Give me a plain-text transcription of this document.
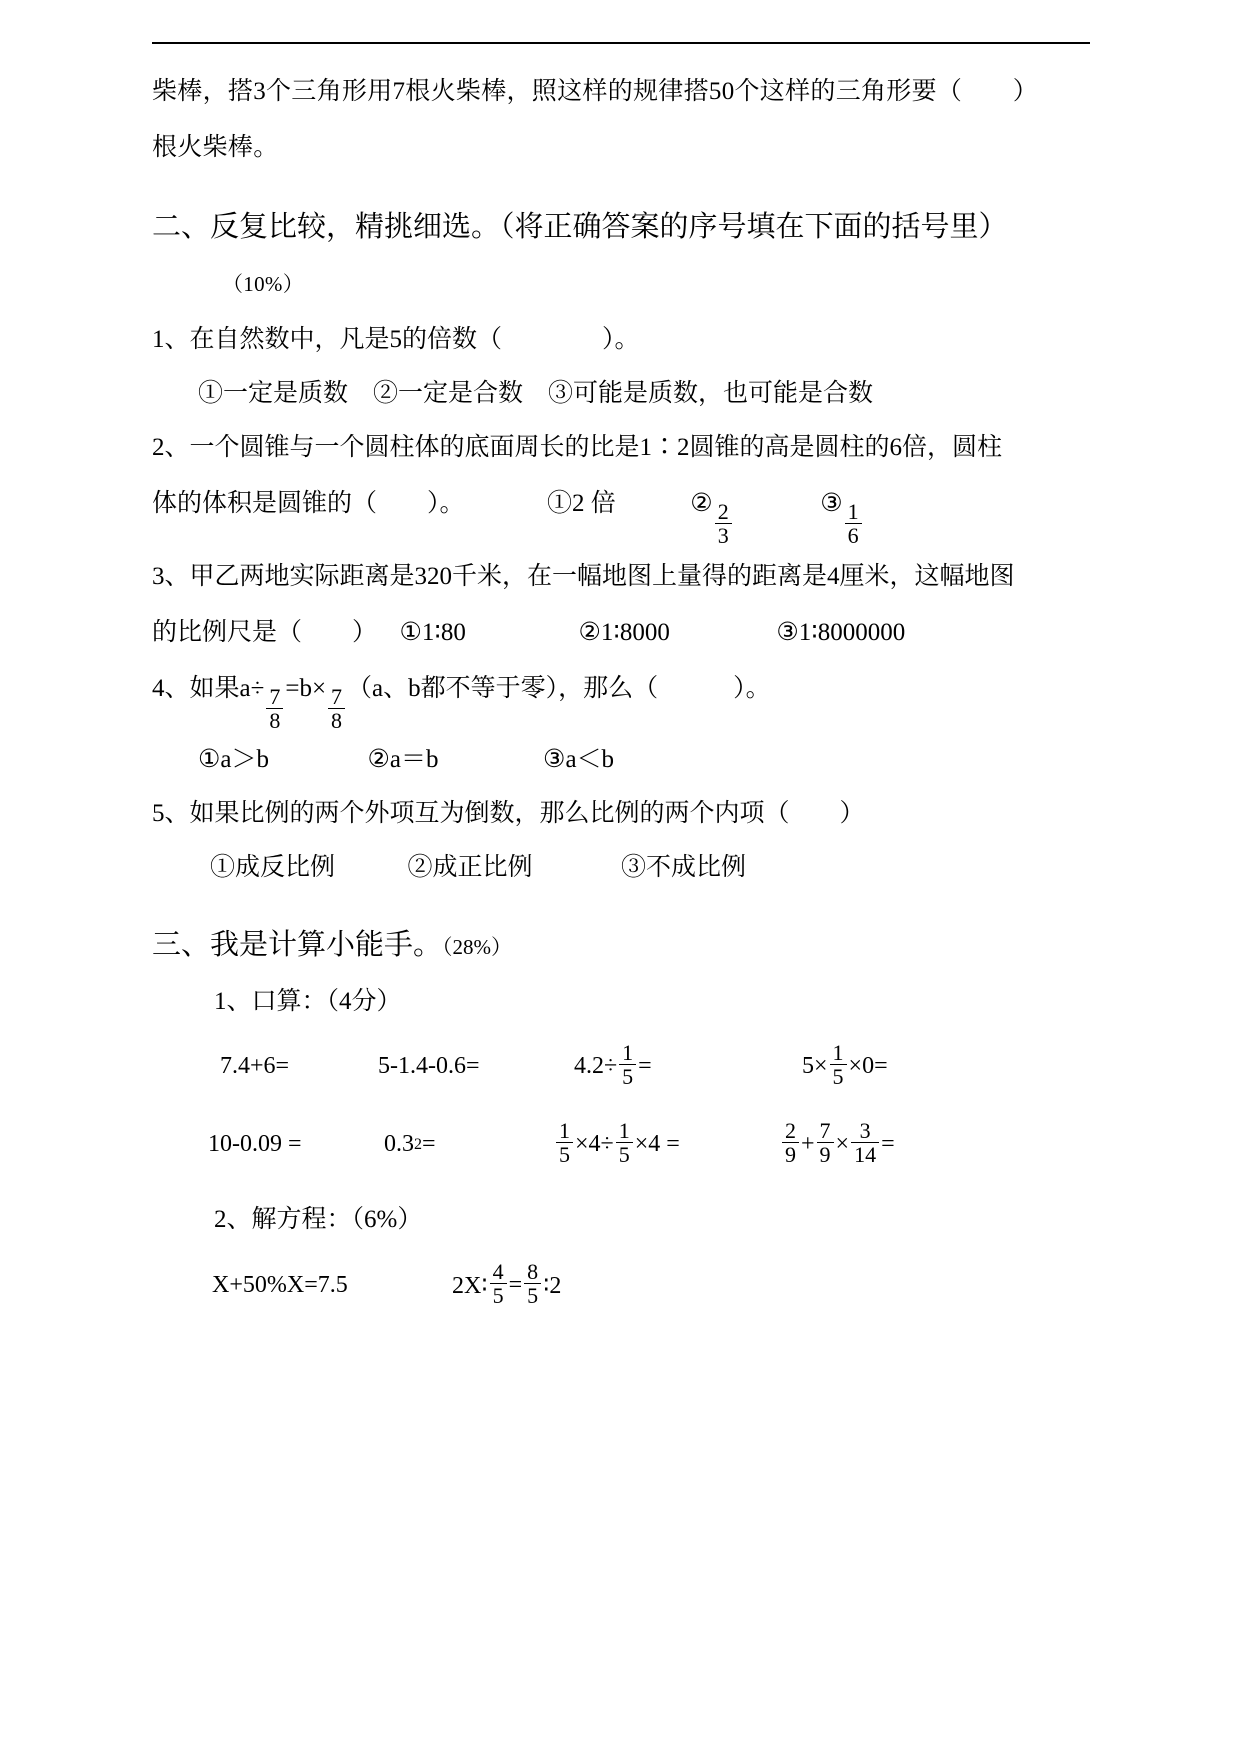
柴棒，搭3个三角形用7根火柴棒，照这样的规律搭50个这样的三角形要（　　）
根火柴棒。
二、反复比较，精挑细选。（将正确答案的序号填在下面的括号里）
（10%）
1、在自然数中，凡是5的倍数（　　　　）。
①一定是质数　②一定是合数　③可能是质数，也可能是合数
2、一个圆锥与一个圆柱体的底面周长的比是1∶2圆锥的高是圆柱的6倍，圆柱
体的体积是圆锥的（　　）。	①2 倍	② $\frac{2}{3}$	③ $\frac{1}{6}$
3、甲乙两地实际距离是320千米，在一幅地图上量得的距离是4厘米，这幅地图
的比例尺是（　　） ①1∶80	②1∶8000	③1∶8000000
4、如果$a\div \frac{7}{8} =b\times \frac{7}{8} (a$、b都不等于零），那么（　　　）。
①a＞b	②a＝b	③a＜b
5、如果比例的两个外项互为倒数，那么比例的两个内项（　　）
①成反比例	②成正比例	③不成比例
三、我是计算小能手。（28%）
1、口算：（4分）
7.4+6=	5-1.4-0.6=	$4.2\div \frac{1}{5}$ =	$5\times \frac{1}{5} \times 0=$
10-0.09 =	0.3 2 =	$\frac{1}{5} \times 4\div \frac{1}{5} \times 4$ =	$\frac{2}{9} + \frac{7}{9} \times \frac{3}{14}$ =
2、解方程：（6%）
X+50%X=7.5	2X∶ $\frac{4}{5} = \frac{8}{5}$ ∶2
